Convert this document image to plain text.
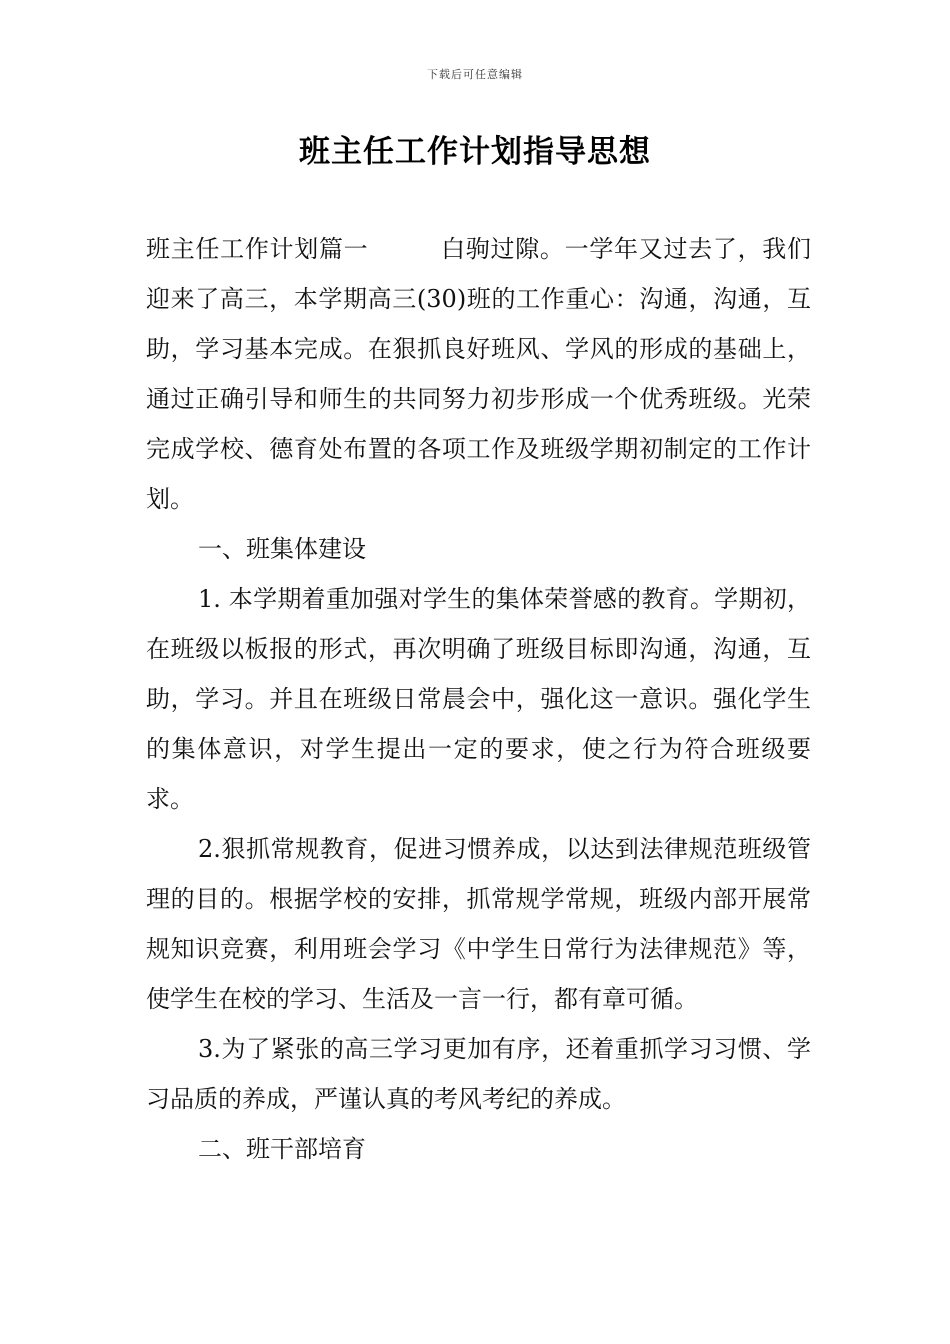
下载后可任意编辑
班主任工作计划指导思想

班主任工作计划篇一	白驹过隙。一学年又过去了，我们迎来了高三，本学期高三(30)班的工作重心：沟通，沟通，互助，学习基本完成。在狠抓良好班风、学风的形成的基础上，通过正确引导和师生的共同努力初步形成一个优秀班级。光荣完成学校、德育处布置的各项工作及班级学期初制定的工作计划。

一、班集体建设

1. 本学期着重加强对学生的集体荣誉感的教育。学期初，在班级以板报的形式，再次明确了班级目标即沟通，沟通，互助，学习。并且在班级日常晨会中，强化这一意识。强化学生的集体意识，对学生提出一定的要求，使之行为符合班级要求。

2.狠抓常规教育，促进习惯养成，以达到法律规范班级管理的目的。根据学校的安排，抓常规学常规，班级内部开展常规知识竞赛，利用班会学习《中学生日常行为法律规范》等，使学生在校的学习、生活及一言一行，都有章可循。

3.为了紧张的高三学习更加有序，还着重抓学习习惯、学习品质的养成，严谨认真的考风考纪的养成。

二、班干部培育
